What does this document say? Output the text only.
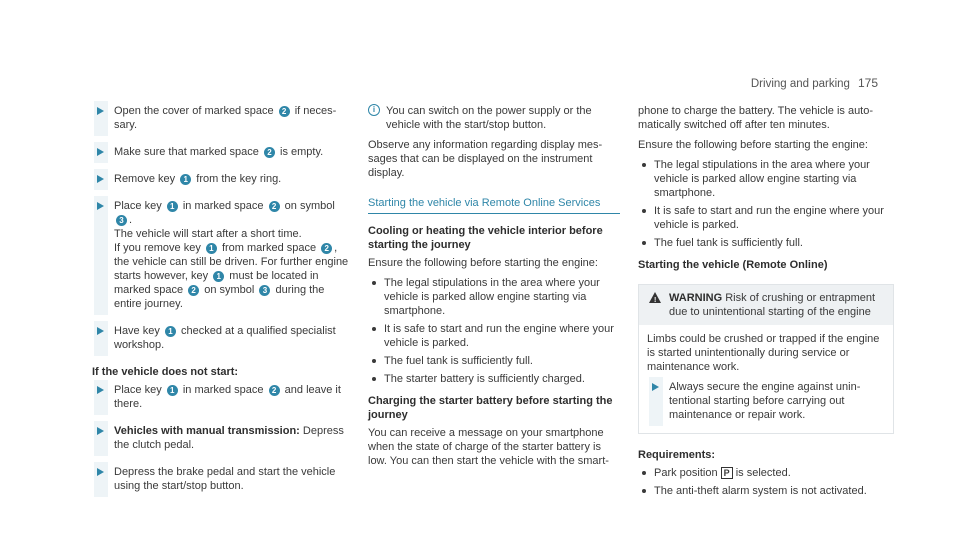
Driving and parking 175
Open the cover of marked space 2 if necessary.
Make sure that marked space 2 is empty.
Remove key 1 from the key ring.
Place key 1 in marked space 2 on symbol 3 .
The vehicle will start after a short time.
If you remove key 1 from marked space 2 , the vehicle can still be driven. For further engine starts however, key 1 must be located in marked space 2 on symbol 3 during the entire journey.
Have key 1 checked at a qualified specialist workshop.
If the vehicle does not start:
Place key 1 in marked space 2 and leave it there.
Vehicles with manual transmission: Depress the clutch pedal.
Depress the brake pedal and start the vehicle using the start/stop button.
i You can switch on the power supply or the vehicle with the start/stop button.

Observe any information regarding display messages that can be displayed on the instrument display.

Starting the vehicle via Remote Online Services
Cooling or heating the vehicle interior before starting the journey

Ensure the following before starting the engine:

The legal stipulations in the area where your vehicle is parked allow engine starting via smartphone.
It is safe to start and run the engine where your vehicle is parked.
The fuel tank is sufficiently full.
The starter battery is sufficiently charged.
Charging the starter battery before starting the journey

You can receive a message on your smartphone when the state of charge of the starter battery is low. You can then start the vehicle with the smart-

phone to charge the battery. The vehicle is automatically switched off after ten minutes.

Ensure the following before starting the engine:

The legal stipulations in the area where your vehicle is parked allow engine starting via smartphone.
It is safe to start and run the engine where your vehicle is parked.
The fuel tank is sufficiently full.
Starting the vehicle (Remote Online)
! WARNING Risk of crushing or entrapment due to unintentional starting of the engine

Limbs could be crushed or trapped if the engine is started unintentionally during service or maintenance work.

Always secure the engine against unintentional starting before carrying out maintenance or repair work.
Requirements:
Park position P is selected.
The anti-theft alarm system is not activated.
